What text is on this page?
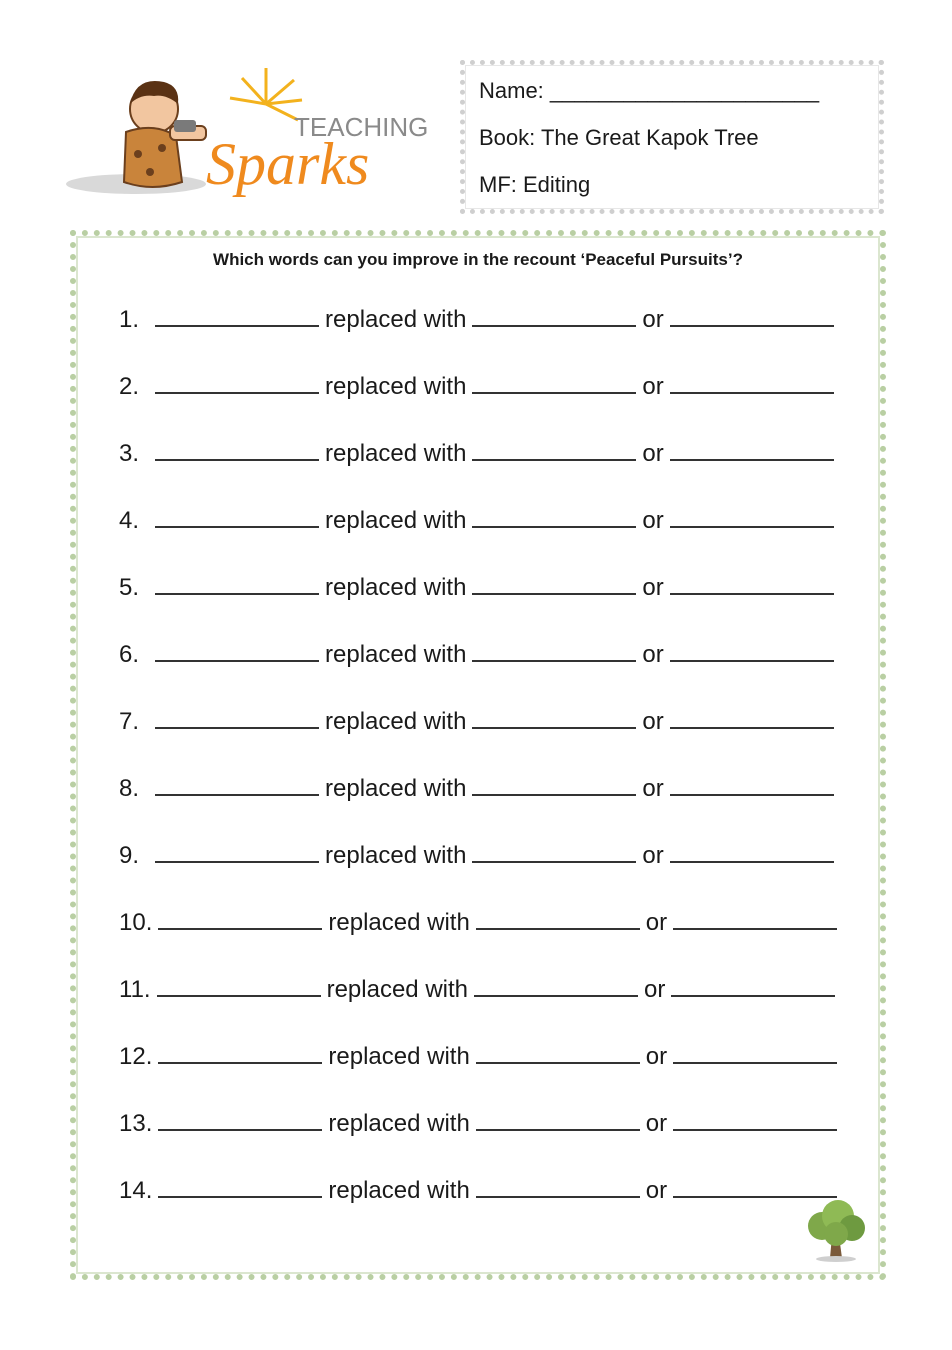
TEACHING
Sparks
Name: ______________________
Book: The Great Kapok Tree
MF: Editing
Which words can you improve in the recount ‘Peaceful Pursuits’?
1.	replaced with	or
2.	replaced with	or
3.	replaced with	or
4.	replaced with	or
5.	replaced with	or
6.	replaced with	or
7.	replaced with	or
8.	replaced with	or
9.	replaced with	or
10.	replaced with	or
11.	replaced with	or
12.	replaced with	or
13.	replaced with	or
14.	replaced with	or
